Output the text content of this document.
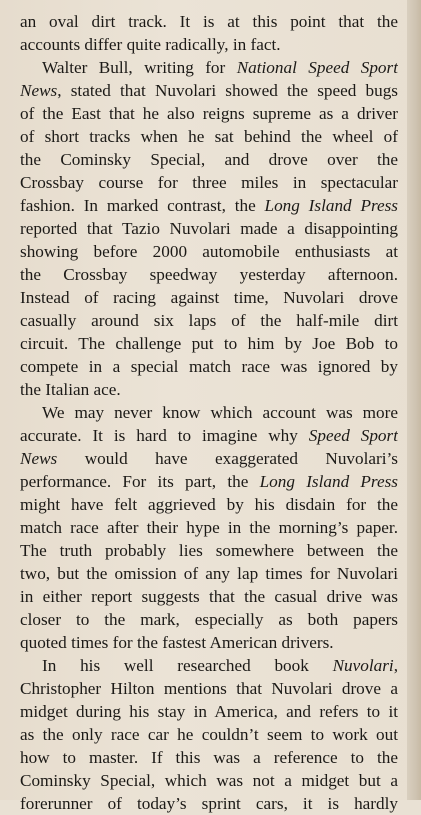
an oval dirt track. It is at this point that the
accounts differ quite radically, in fact.
Walter Bull, writing for National Speed Sport
News, stated that Nuvolari showed the speed bugs
of the East that he also reigns supreme as a driver
of short tracks when he sat behind the wheel of
the Cominsky Special, and drove over the
Crossbay course for three miles in spectacular
fashion. In marked contrast, the Long Island Press
reported that Tazio Nuvolari made a disappointing
showing before 2000 automobile enthusiasts at
the Crossbay speedway yesterday afternoon.
Instead of racing against time, Nuvolari drove
casually around six laps of the half-mile dirt
circuit. The challenge put to him by Joe Bob to
compete in a special match race was ignored by
the Italian ace.
We may never know which account was more
accurate. It is hard to imagine why Speed Sport
News would have exaggerated Nuvolari’s
performance. For its part, the Long Island Press
might have felt aggrieved by his disdain for the
match race after their hype in the morning’s paper.
The truth probably lies somewhere between the
two, but the omission of any lap times for Nuvolari
in either report suggests that the casual drive was
closer to the mark, especially as both papers
quoted times for the fastest American drivers.
In his well researched book Nuvolari,
Christopher Hilton mentions that Nuvolari drove a
midget during his stay in America, and refers to it
as the only race car he couldn’t seem to work out
how to master. If this was a reference to the
Cominsky Special, which was not a midget but a
forerunner of today’s sprint cars, it is hardly
